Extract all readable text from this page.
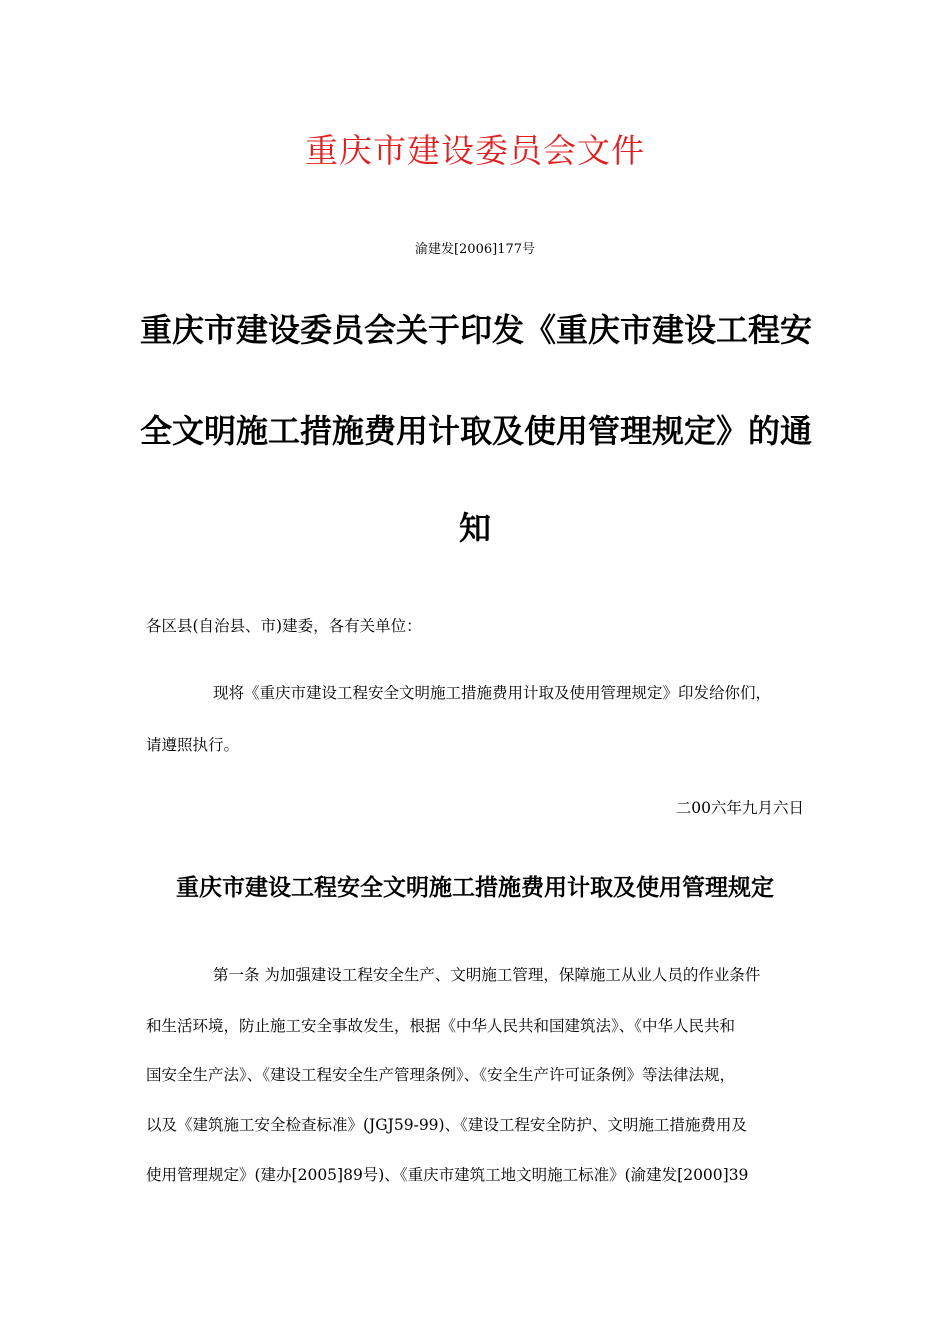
重庆市建设委员会文件
渝建发[2006]177号
重庆市建设委员会关于印发《重庆市建设工程安
全文明施工措施费用计取及使用管理规定》的通
知
各区县(自治县、市)建委，各有关单位：
现将《重庆市建设工程安全文明施工措施费用计取及使用管理规定》印发给你们，
请遵照执行。
二00六年九月六日
重庆市建设工程安全文明施工措施费用计取及使用管理规定
第一条 为加强建设工程安全生产、文明施工管理，保障施工从业人员的作业条件
和生活环境，防止施工安全事故发生，根据《中华人民共和国建筑法》、《中华人民共和
国安全生产法》、《建设工程安全生产管理条例》、《安全生产许可证条例》等法律法规，
以及《建筑施工安全检查标准》(JGJ59-99)、《建设工程安全防护、文明施工措施费用及
使用管理规定》(建办[2005]89号)、《重庆市建筑工地文明施工标准》(渝建发[2000]39
